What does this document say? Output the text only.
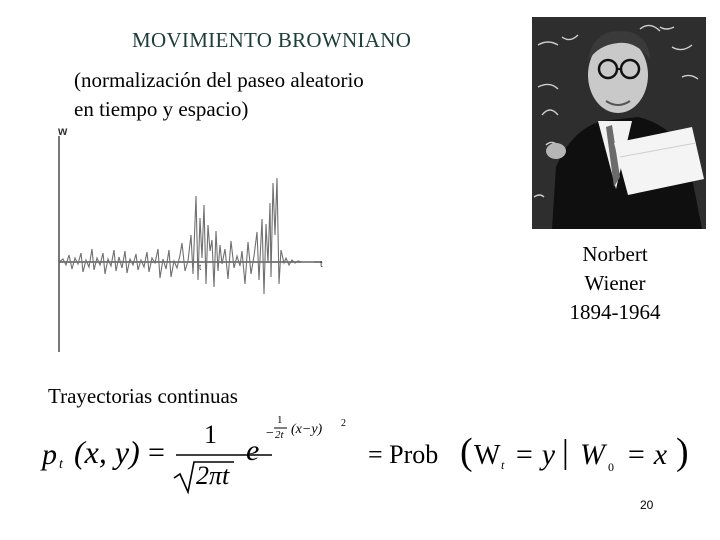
MOVIMIENTO BROWNIANO
(normalización del paseo aleatorio
en tiempo y espacio)
w
t
t
Norbert
Wiener
1894-1964
Trayectorias continuas
p t (x, y) =
1
2πt
e
−
1
2t (x−y) 2
= Prob ( W t = y | W 0 = x )
20
